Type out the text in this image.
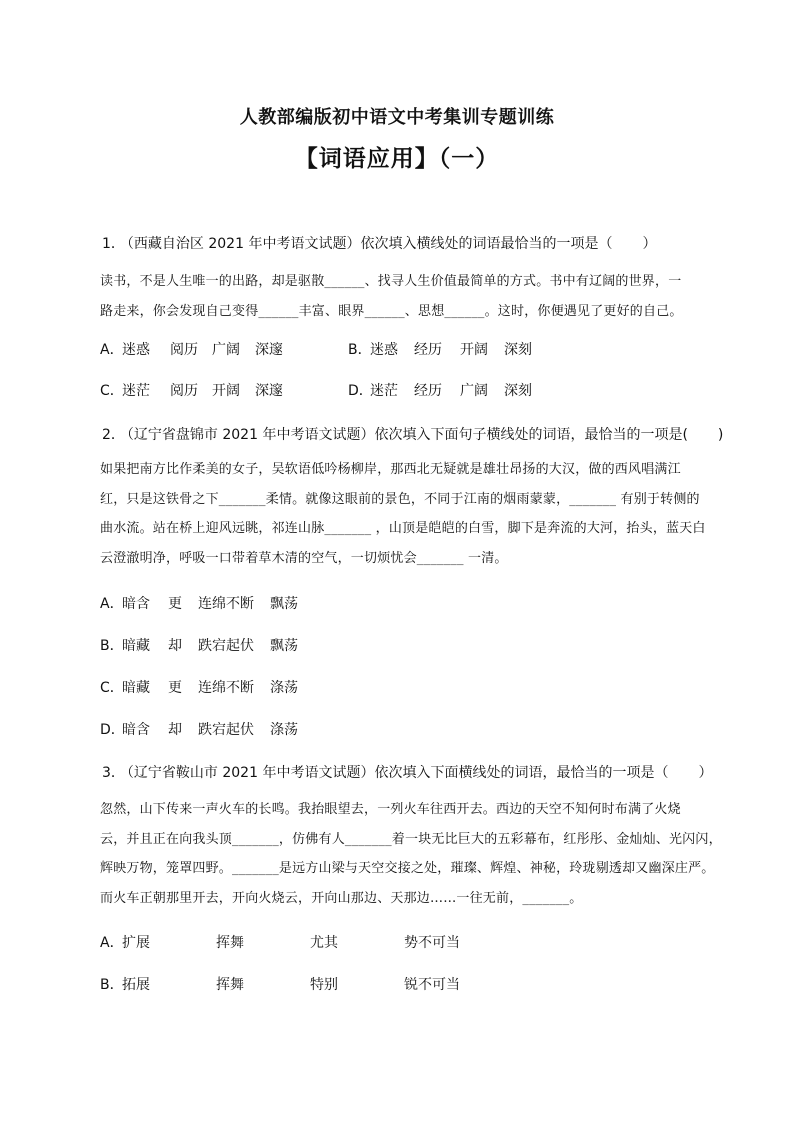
人教部编版初中语文中考集训专题训练
【词语应用】（一）
1． （西藏自治区 2021 年中考语文试题）依次填入横线处的词语最恰当的一项是（ ）

读书，不是人生唯一的出路，却是驱散______、找寻人生价值最简单的方式。书中有辽阔的世界，一

路走来，你会发现自己变得______丰富、眼界______、思想______。这时，你便遇见了更好的自己。

A．
迷惑 阅历 广阔 深邃	B．
迷惑 经历 开阔 深刻
C．
迷茫 阅历 开阔 深邃	D．
迷茫 经历 广阔 深刻
2． （辽宁省盘锦市 2021 年中考语文试题）依次填入下面句子横线处的词语，最恰当的一项是( )

如果把南方比作柔美的女子，吴软语低吟杨柳岸，那西北无疑就是雄壮昂扬的大汉，做的西风唱满江

红，只是这铁骨之下_______柔情。就像这眼前的景色，不同于江南的烟雨蒙蒙，_______ 有别于转侧的

曲水流。站在桥上迎风远眺，祁连山脉_______ ，山顶是皑皑的白雪，脚下是奔流的大河，抬头，蓝天白

云澄澈明净，呼吸一口带着草木清的空气，一切烦忧会_______ 一清。

A．
暗含 更 连绵不断 飘荡
B．
暗藏 却 跌宕起伏 飘荡
C．
暗藏 更 连绵不断 涤荡
D．
暗含 却 跌宕起伏 涤荡
3． （辽宁省鞍山市 2021 年中考语文试题）依次填入下面横线处的词语，最恰当的一项是（ ）

忽然，山下传来一声火车的长鸣。我抬眼望去，一列火车往西开去。西边的天空不知何时布满了火烧

云，并且正在向我头顶_______，仿佛有人_______着一块无比巨大的五彩幕布，红彤彤、金灿灿、光闪闪，

辉映万物，笼罩四野。_______是远方山梁与天空交接之处，璀璨、辉煌、神秘，玲珑剔透却又幽深庄严。

而火车正朝那里开去，开向火烧云，开向山那边、天那边……一往无前，_______。

A．
扩展	挥舞	尤其	势不可当
B．
拓展	挥舞	特别	锐不可当
